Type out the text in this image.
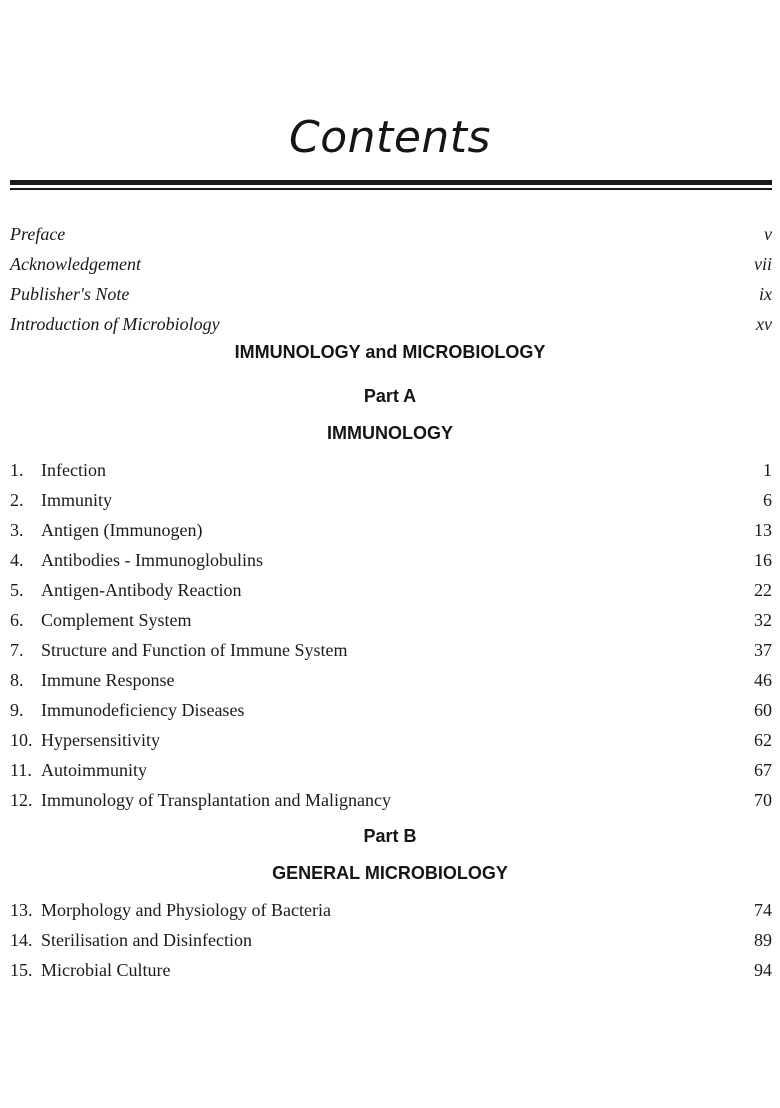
Contents
Preface	v
Acknowledgement	vii
Publisher's Note	ix
Introduction of Microbiology	xv
IMMUNOLOGY and MICROBIOLOGY
Part A
IMMUNOLOGY
1. Infection	1
2. Immunity	6
3. Antigen (Immunogen)	13
4. Antibodies - Immunoglobulins	16
5. Antigen-Antibody Reaction	22
6. Complement System	32
7. Structure and Function of Immune System	37
8. Immune Response	46
9. Immunodeficiency Diseases	60
10. Hypersensitivity	62
11. Autoimmunity	67
12. Immunology of Transplantation and Malignancy	70
Part B
GENERAL MICROBIOLOGY
13. Morphology and Physiology of Bacteria	74
14. Sterilisation and Disinfection	89
15. Microbial Culture	94
